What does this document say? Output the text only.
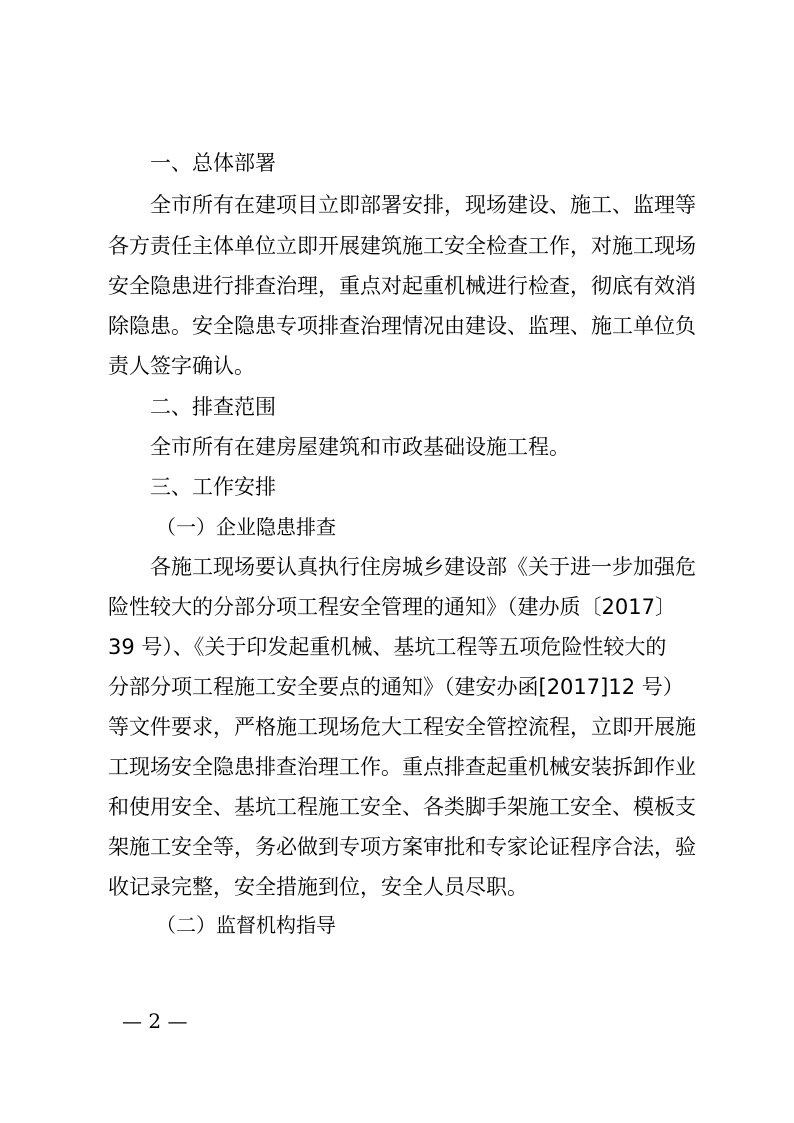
一、总体部署
全市所有在建项目立即部署安排，现场建设、施工、监理等
各方责任主体单位立即开展建筑施工安全检查工作，对施工现场
安全隐患进行排查治理，重点对起重机械进行检查，彻底有效消
除隐患。安全隐患专项排查治理情况由建设、监理、施工单位负
责人签字确认。
二、排查范围
全市所有在建房屋建筑和市政基础设施工程。
三、工作安排
（一）企业隐患排查
各施工现场要认真执行住房城乡建设部《关于进一步加强危
险性较大的分部分项工程安全管理的通知》（建办质〔2017〕
39 号）、《关于印发起重机械、基坑工程等五项危险性较大的
分部分项工程施工安全要点的通知》（建安办函[2017]12 号）
等文件要求，严格施工现场危大工程安全管控流程，立即开展施
工现场安全隐患排查治理工作。重点排查起重机械安装拆卸作业
和使用安全、基坑工程施工安全、各类脚手架施工安全、模板支
架施工安全等，务必做到专项方案审批和专家论证程序合法，验
收记录完整，安全措施到位，安全人员尽职。
（二）监督机构指导
— 2 —
